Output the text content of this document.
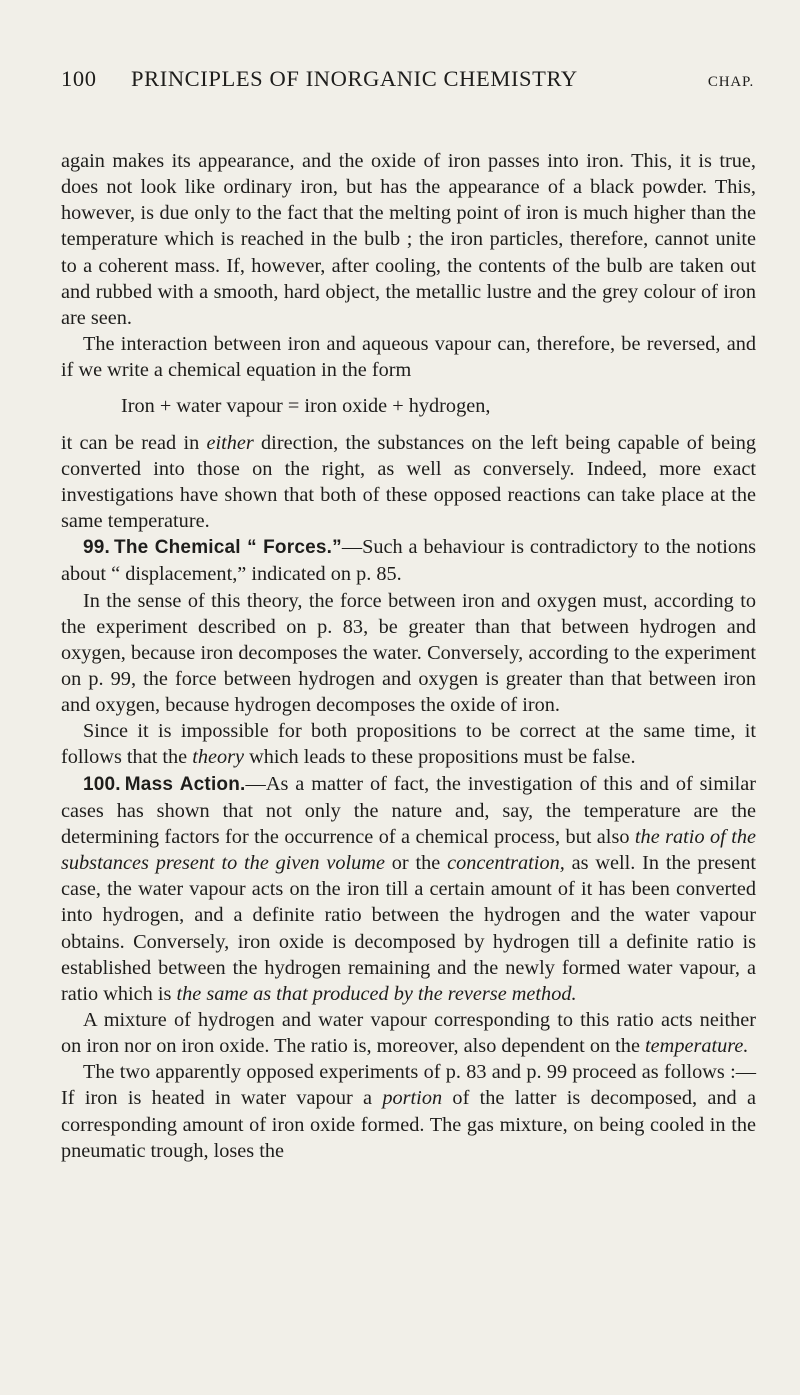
100	PRINCIPLES OF INORGANIC CHEMISTRY	CHAP.

again makes its appearance, and the oxide of iron passes into iron. This, it is true, does not look like ordinary iron, but has the appearance of a black powder. This, however, is due only to the fact that the melting point of iron is much higher than the temperature which is reached in the bulb ; the iron particles, therefore, cannot unite to a coherent mass. If, however, after cooling, the contents of the bulb are taken out and rubbed with a smooth, hard object, the metallic lustre and the grey colour of iron are seen.

The interaction between iron and aqueous vapour can, therefore, be reversed, and if we write a chemical equation in the form

Iron + water vapour = iron oxide + hydrogen,

it can be read in either direction, the substances on the left being capable of being converted into those on the right, as well as conversely. Indeed, more exact investigations have shown that both of these opposed reactions can take place at the same temperature.

99. The Chemical “ Forces.”—Such a behaviour is contradictory to the notions about “ displacement,” indicated on p. 85.

In the sense of this theory, the force between iron and oxygen must, according to the experiment described on p. 83, be greater than that between hydrogen and oxygen, because iron decomposes the water. Conversely, according to the experiment on p. 99, the force between hydrogen and oxygen is greater than that between iron and oxygen, because hydrogen decomposes the oxide of iron.

Since it is impossible for both propositions to be correct at the same time, it follows that the theory which leads to these propositions must be false.

100. Mass Action.—As a matter of fact, the investigation of this and of similar cases has shown that not only the nature and, say, the temperature are the determining factors for the occurrence of a chemical process, but also the ratio of the substances present to the given volume or the concentration, as well. In the present case, the water vapour acts on the iron till a certain amount of it has been converted into hydrogen, and a definite ratio between the hydrogen and the water vapour obtains. Conversely, iron oxide is decomposed by hydrogen till a definite ratio is established between the hydrogen remaining and the newly formed water vapour, a ratio which is the same as that produced by the reverse method.

A mixture of hydrogen and water vapour corresponding to this ratio acts neither on iron nor on iron oxide. The ratio is, moreover, also dependent on the temperature.

The two apparently opposed experiments of p. 83 and p. 99 proceed as follows :—If iron is heated in water vapour a portion of the latter is decomposed, and a corresponding amount of iron oxide formed. The gas mixture, on being cooled in the pneumatic trough, loses the
